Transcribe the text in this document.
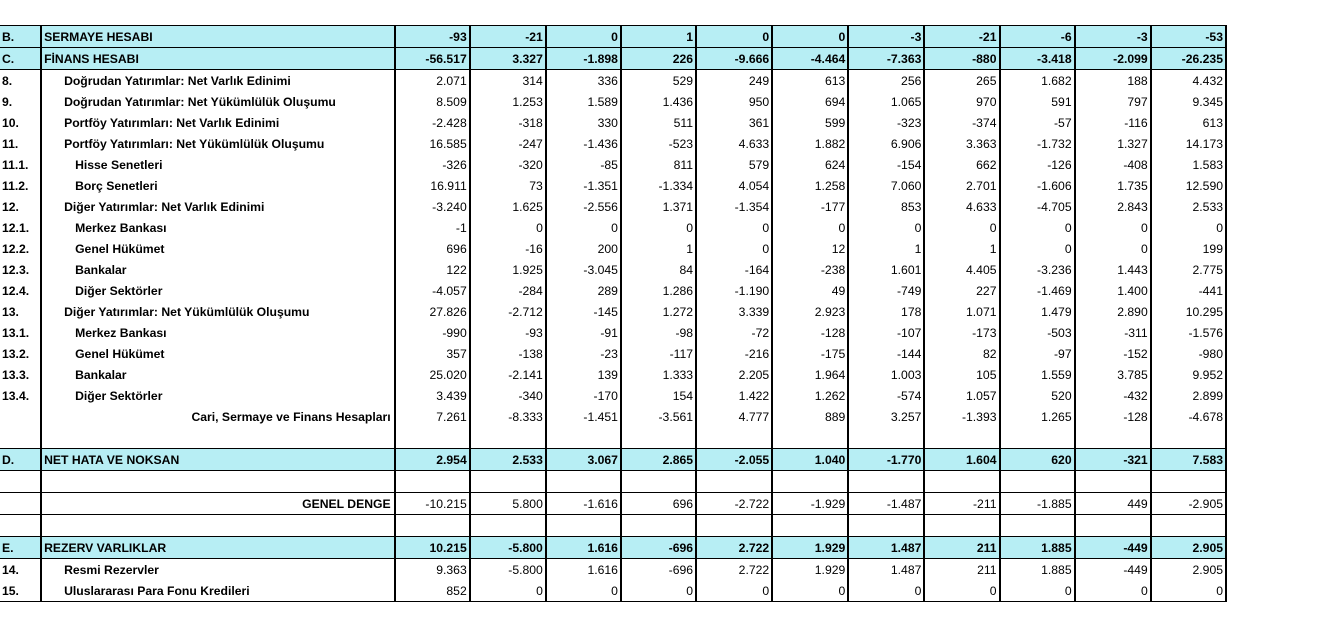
B.	SERMAYE HESABI	-93	-21	0	1	0	0	-3	-21	-6	-3	-53
C.	FİNANS HESABI	-56.517	3.327	-1.898	226	-9.666	-4.464	-7.363	-880	-3.418	-2.099	-26.235
8.	Doğrudan Yatırımlar: Net Varlık Edinimi	2.071	314	336	529	249	613	256	265	1.682	188	4.432
9.	Doğrudan Yatırımlar: Net Yükümlülük Oluşumu	8.509	1.253	1.589	1.436	950	694	1.065	970	591	797	9.345
10.	Portföy Yatırımları: Net Varlık Edinimi	-2.428	-318	330	511	361	599	-323	-374	-57	-116	613
11.	Portföy Yatırımları: Net Yükümlülük Oluşumu	16.585	-247	-1.436	-523	4.633	1.882	6.906	3.363	-1.732	1.327	14.173
11.1.	Hisse Senetleri	-326	-320	-85	811	579	624	-154	662	-126	-408	1.583
11.2.	Borç Senetleri	16.911	73	-1.351	-1.334	4.054	1.258	7.060	2.701	-1.606	1.735	12.590
12.	Diğer Yatırımlar: Net Varlık Edinimi	-3.240	1.625	-2.556	1.371	-1.354	-177	853	4.633	-4.705	2.843	2.533
12.1.	Merkez Bankası	-1	0	0	0	0	0	0	0	0	0	0
12.2.	Genel Hükümet	696	-16	200	1	0	12	1	1	0	0	199
12.3.	Bankalar	122	1.925	-3.045	84	-164	-238	1.601	4.405	-3.236	1.443	2.775
12.4.	Diğer Sektörler	-4.057	-284	289	1.286	-1.190	49	-749	227	-1.469	1.400	-441
13.	Diğer Yatırımlar: Net Yükümlülük Oluşumu	27.826	-2.712	-145	1.272	3.339	2.923	178	1.071	1.479	2.890	10.295
13.1.	Merkez Bankası	-990	-93	-91	-98	-72	-128	-107	-173	-503	-311	-1.576
13.2.	Genel Hükümet	357	-138	-23	-117	-216	-175	-144	82	-97	-152	-980
13.3.	Bankalar	25.020	-2.141	139	1.333	2.205	1.964	1.003	105	1.559	3.785	9.952
13.4.	Diğer Sektörler	3.439	-340	-170	154	1.422	1.262	-574	1.057	520	-432	2.899
	Cari, Sermaye ve Finans Hesapları	7.261	-8.333	-1.451	-3.561	4.777	889	3.257	-1.393	1.265	-128	-4.678

D.	NET HATA VE NOKSAN	2.954	2.533	3.067	2.865	-2.055	1.040	-1.770	1.604	620	-321	7.583

	GENEL DENGE	-10.215	5.800	-1.616	696	-2.722	-1.929	-1.487	-211	-1.885	449	-2.905

E.	REZERV VARLIKLAR	10.215	-5.800	1.616	-696	2.722	1.929	1.487	211	1.885	-449	2.905
14.	Resmi Rezervler	9.363	-5.800	1.616	-696	2.722	1.929	1.487	211	1.885	-449	2.905
15.	Uluslararası Para Fonu Kredileri	852	0	0	0	0	0	0	0	0	0	0
